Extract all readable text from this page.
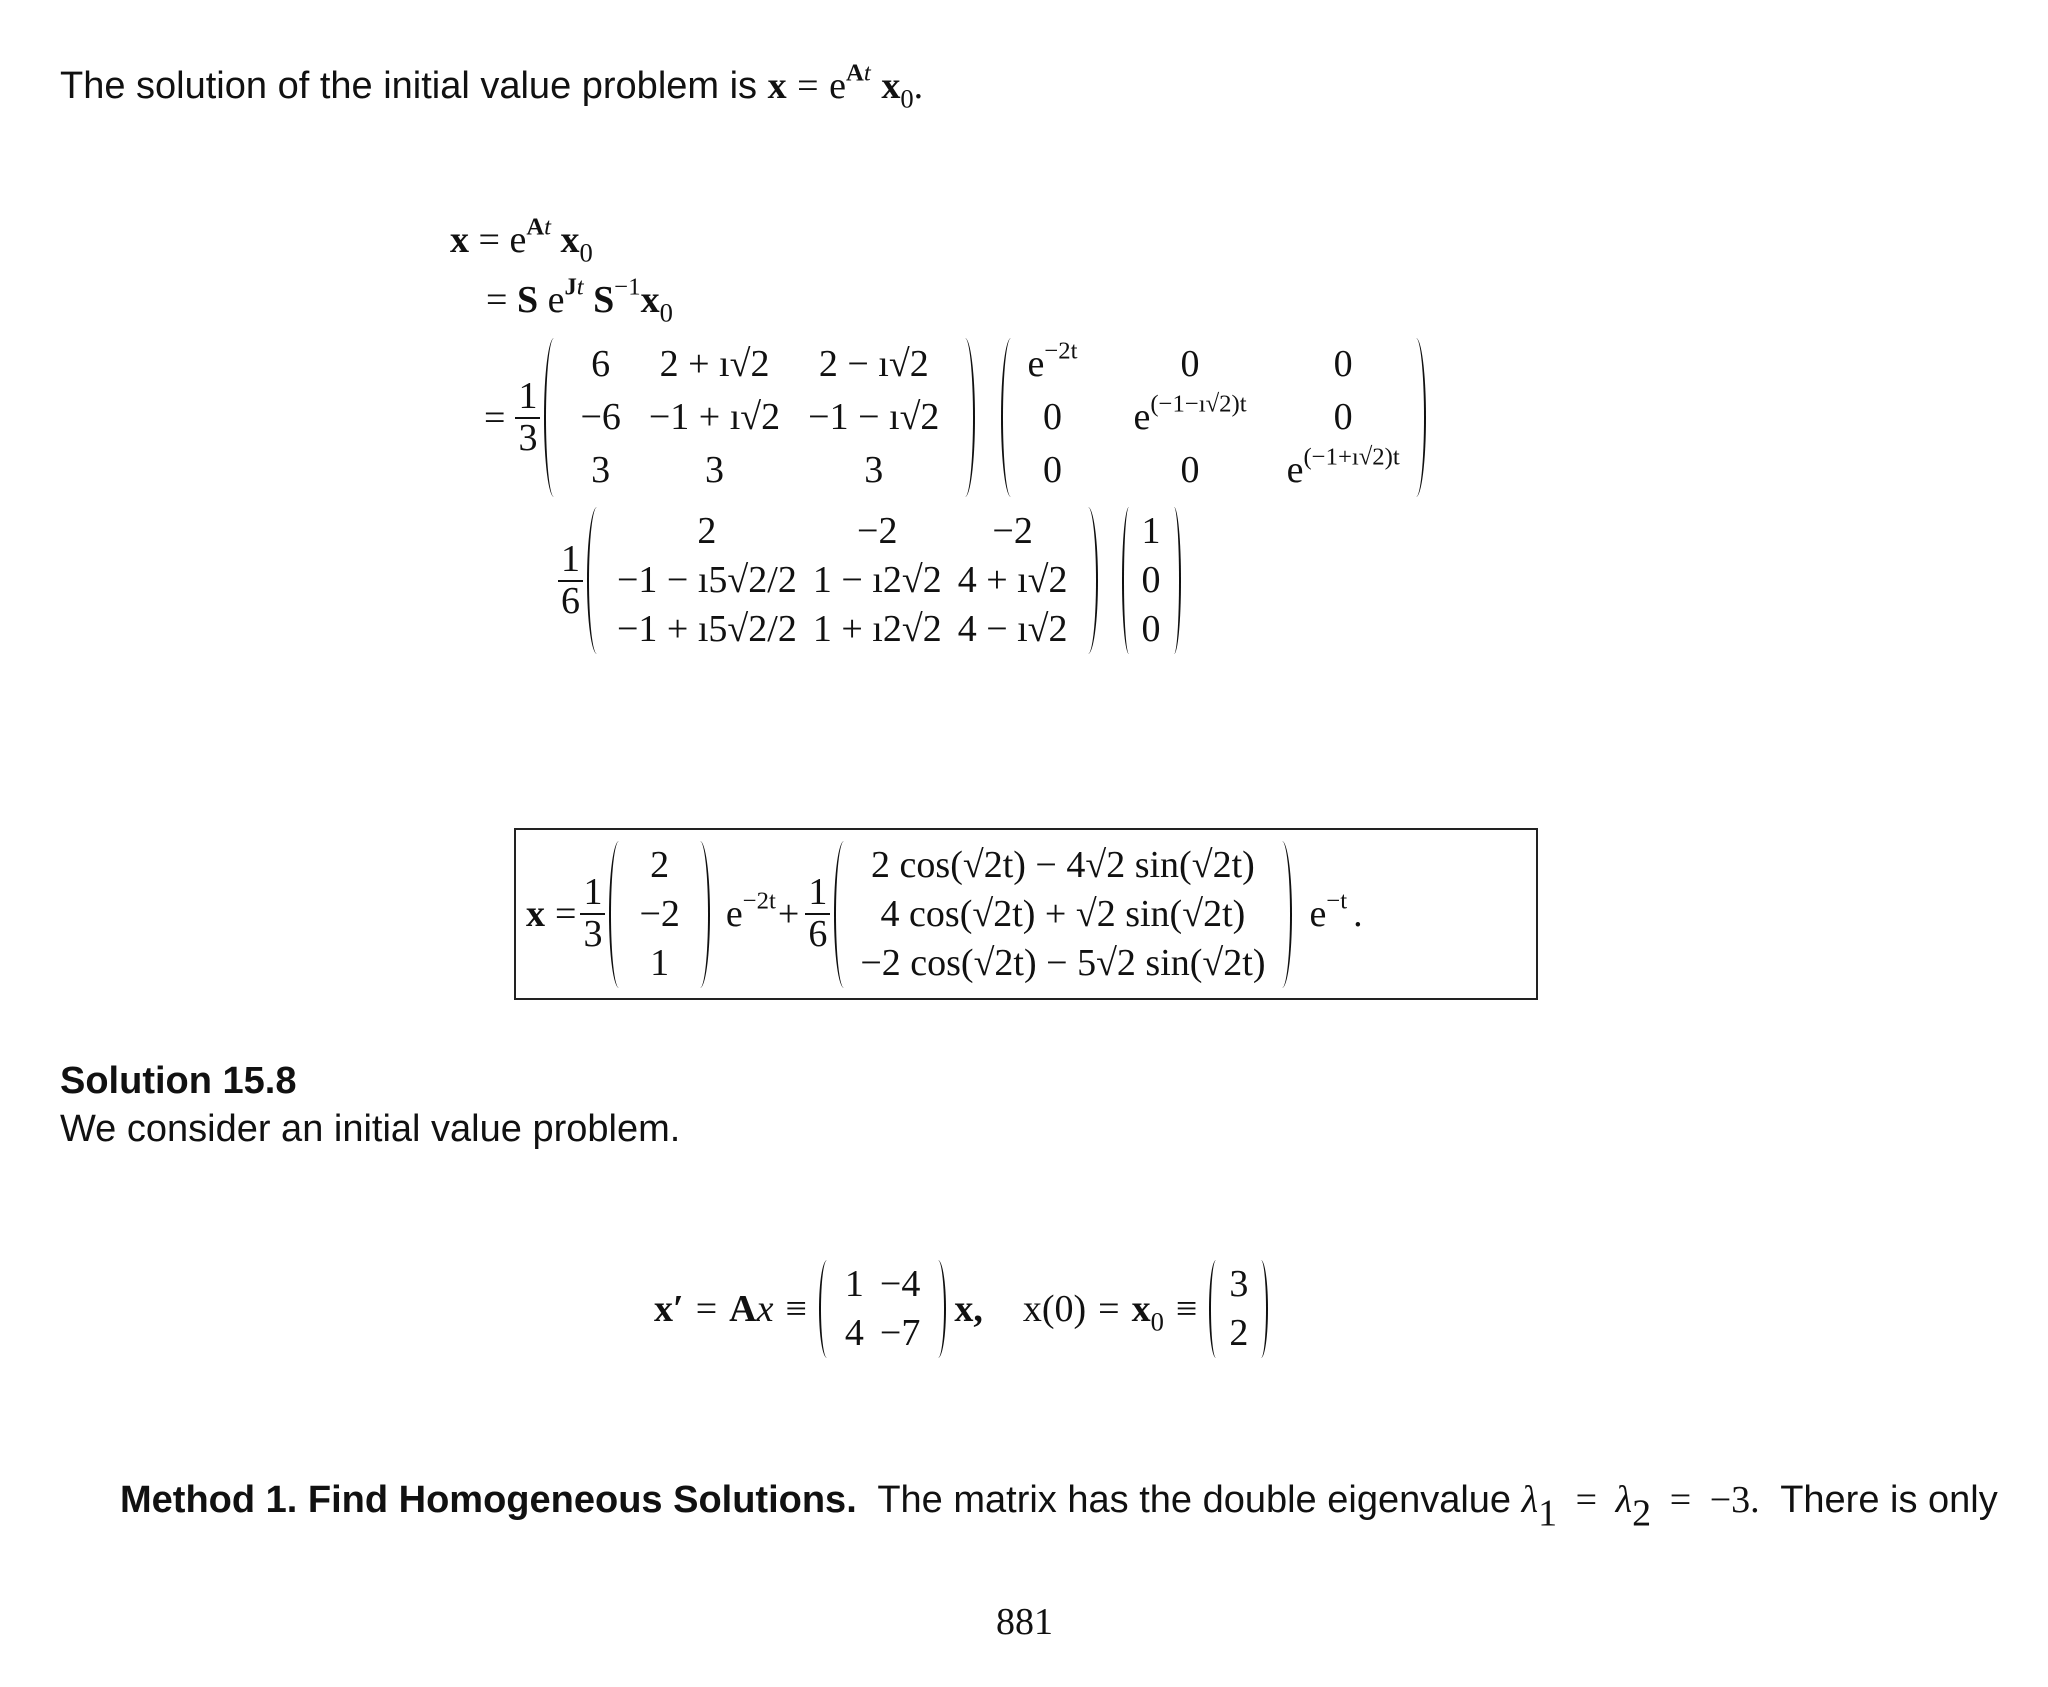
The solution of the initial value problem is $x = e^{At}$ $x_0$.
$x = e^{At}$ $x_0$
= S $e^{Jt}$ $S^{-1}x_0$
= $\frac{1}{3}$
6	2 + ı√2	2 − ı√2
−6	−1 + ı√2	−1 − ı√2
3	3	3
$e^{-2t}$	0	0
0	$e^{(-1-ı√2)t}$	0
0	0	$e^{(-1+ı√2)t}$
$\frac{1}{6}$
2	−2	−2
−1 − ı5√2/2	1 − ı2√2	4 + ı√2
−1 + ı5√2/2	1 + ı2√2	4 − ı√2
1
0
0
$x = \frac{1}{3}$
2
−2
1
$e^{-2t} + \frac{1}{6}$
2 cos(√2t) − 4√2 sin(√2t)
4 cos(√2t) + √2 sin(√2t)
−2 cos(√2t) − 5√2 sin(√2t)
$e^{-t}$ .
Solution 15.8
We consider an initial value problem.
x′ = A x ≡
1	−4
4	−7
x, $x(0) = x_0$ ≡
3
2
Method 1. Find Homogeneous Solutions. The matrix has the double eigenvalue $\lambda_1 = \lambda_2 = -3$. There is only
881
